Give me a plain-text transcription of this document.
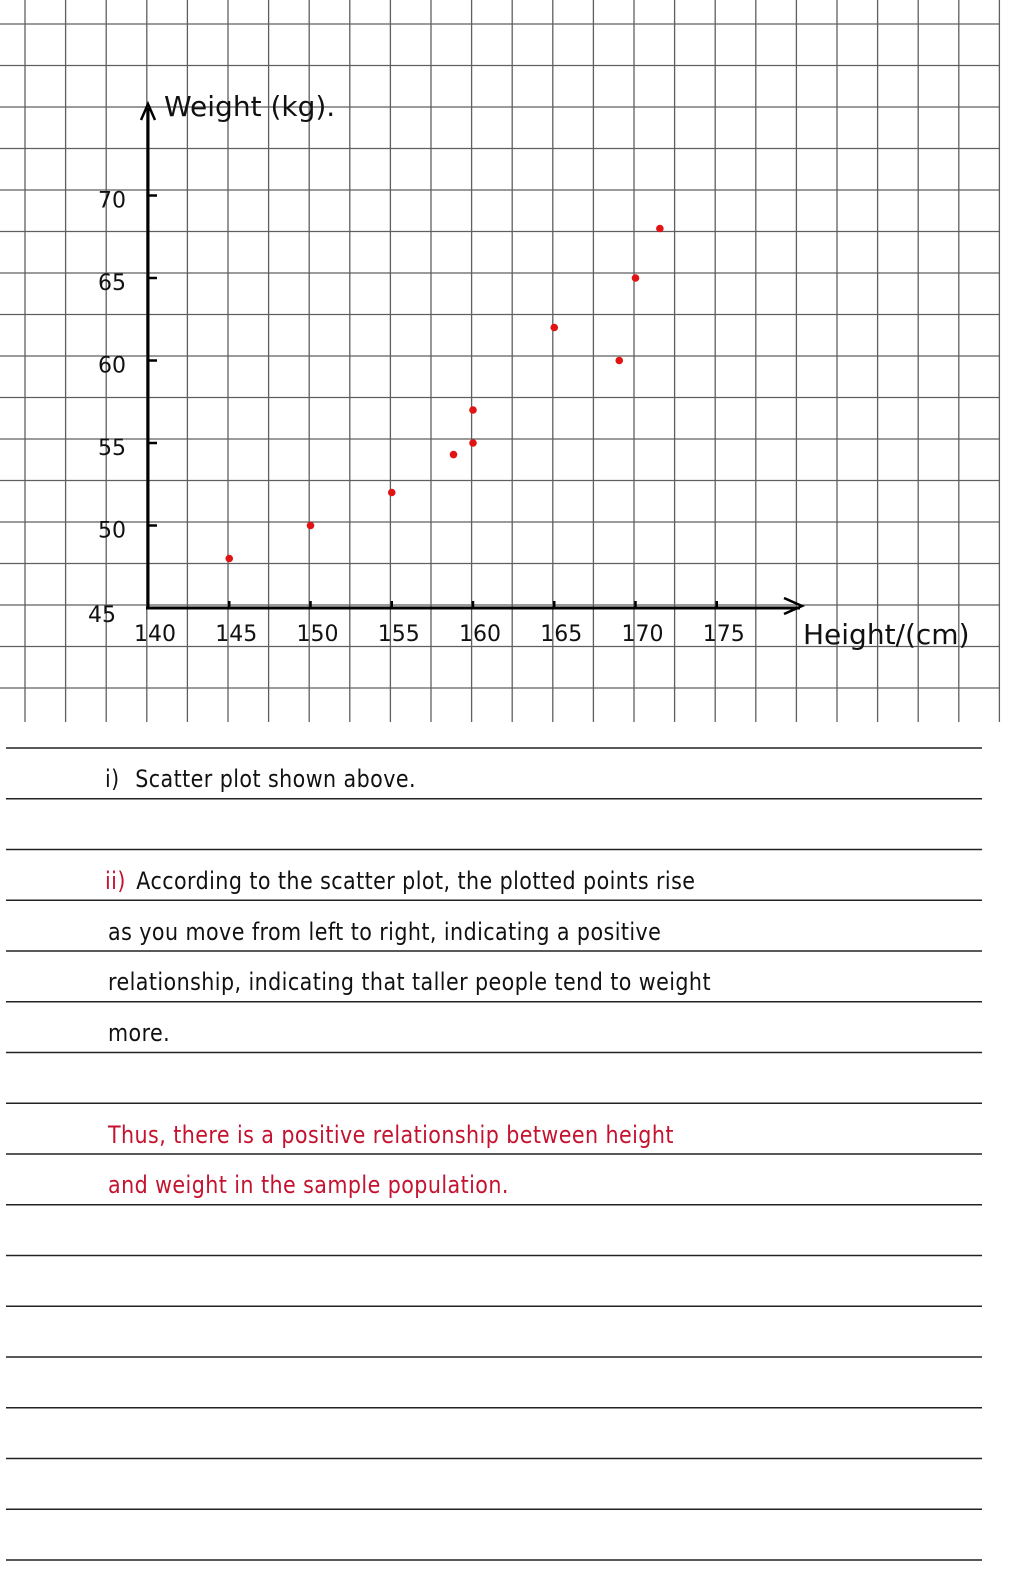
140 145 150 155 160 165 170 175
45
50
55
60
65
70
Weight (kg).
Height/(cm)
i) Scatter plot shown above.
ii) According to the scatter plot, the plotted points rise
as you move from left to right, indicating a positive
relationship, indicating that taller people tend to weight
more.
Thus, there is a positive relationship between height
and weight in the sample population.
